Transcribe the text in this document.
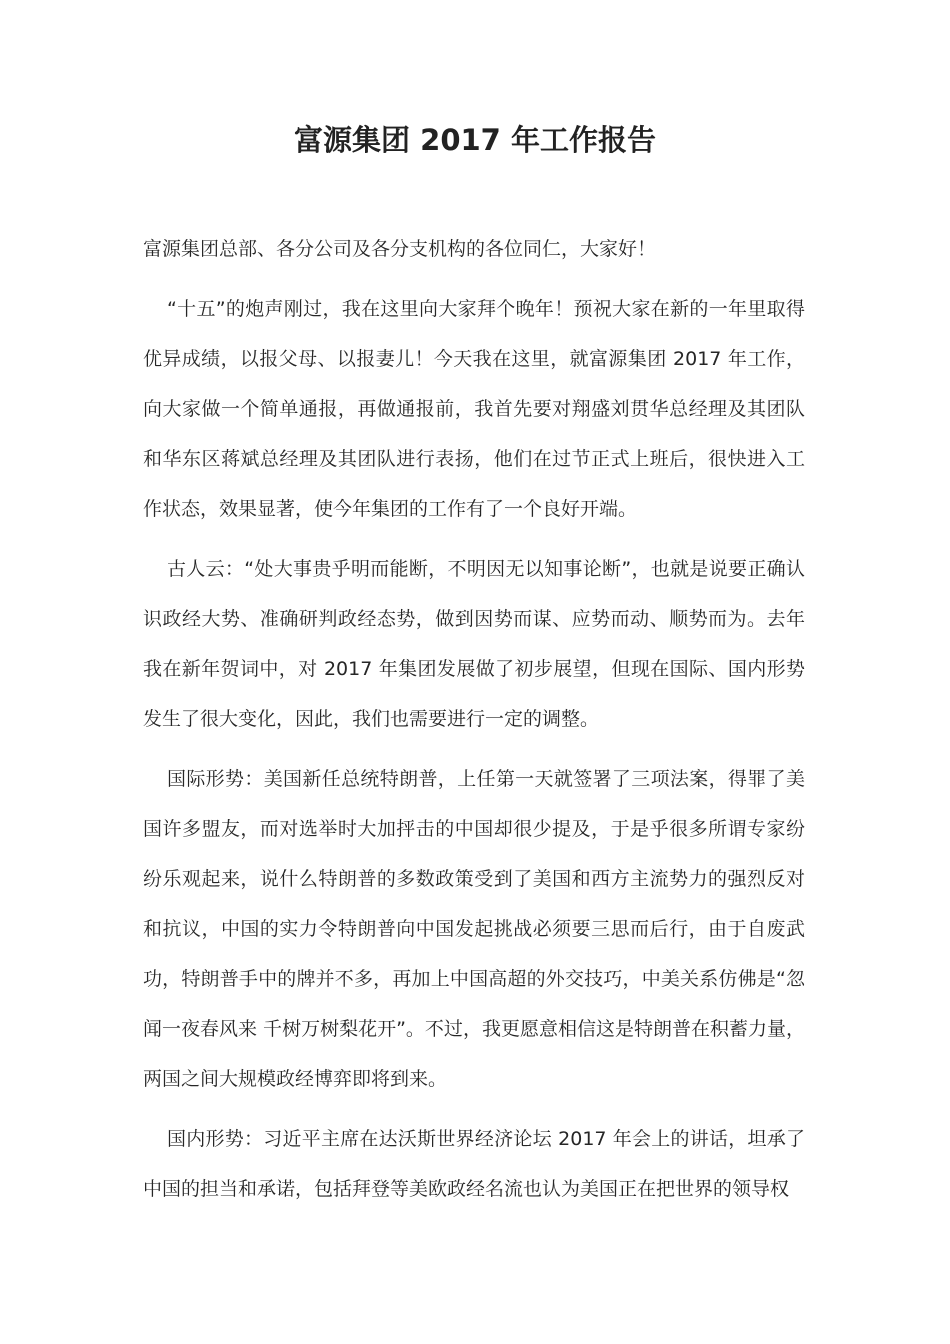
富源集团 2017 年工作报告

富源集团总部、各分公司及各分支机构的各位同仁，大家好！

“十五”的炮声刚过，我在这里向大家拜个晚年！预祝大家在新的一年里取得优异成绩，以报父母、以报妻儿！今天我在这里，就富源集团 2017 年工作，向大家做一个简单通报，再做通报前，我首先要对翔盛刘贯华总经理及其团队和华东区蒋斌总经理及其团队进行表扬，他们在过节正式上班后，很快进入工作状态，效果显著，使今年集团的工作有了一个良好开端。

古人云：“处大事贵乎明而能断，不明因无以知事论断”，也就是说要正确认识政经大势、准确研判政经态势，做到因势而谋、应势而动、顺势而为。去年我在新年贺词中，对 2017 年集团发展做了初步展望，但现在国际、国内形势发生了很大变化，因此，我们也需要进行一定的调整。

国际形势：美国新任总统特朗普，上任第一天就签署了三项法案，得罪了美国许多盟友，而对选举时大加抨击的中国却很少提及，于是乎很多所谓专家纷纷乐观起来，说什么特朗普的多数政策受到了美国和西方主流势力的强烈反对和抗议，中国的实力令特朗普向中国发起挑战必须要三思而后行，由于自废武功，特朗普手中的牌并不多，再加上中国高超的外交技巧，中美关系仿佛是“忽闻一夜春风来 千树万树梨花开”。不过，我更愿意相信这是特朗普在积蓄力量，两国之间大规模政经博弈即将到来。

国内形势：习近平主席在达沃斯世界经济论坛 2017 年会上的讲话，坦承了中国的担当和承诺，包括拜登等美欧政经名流也认为美国正在把世界的领导权
